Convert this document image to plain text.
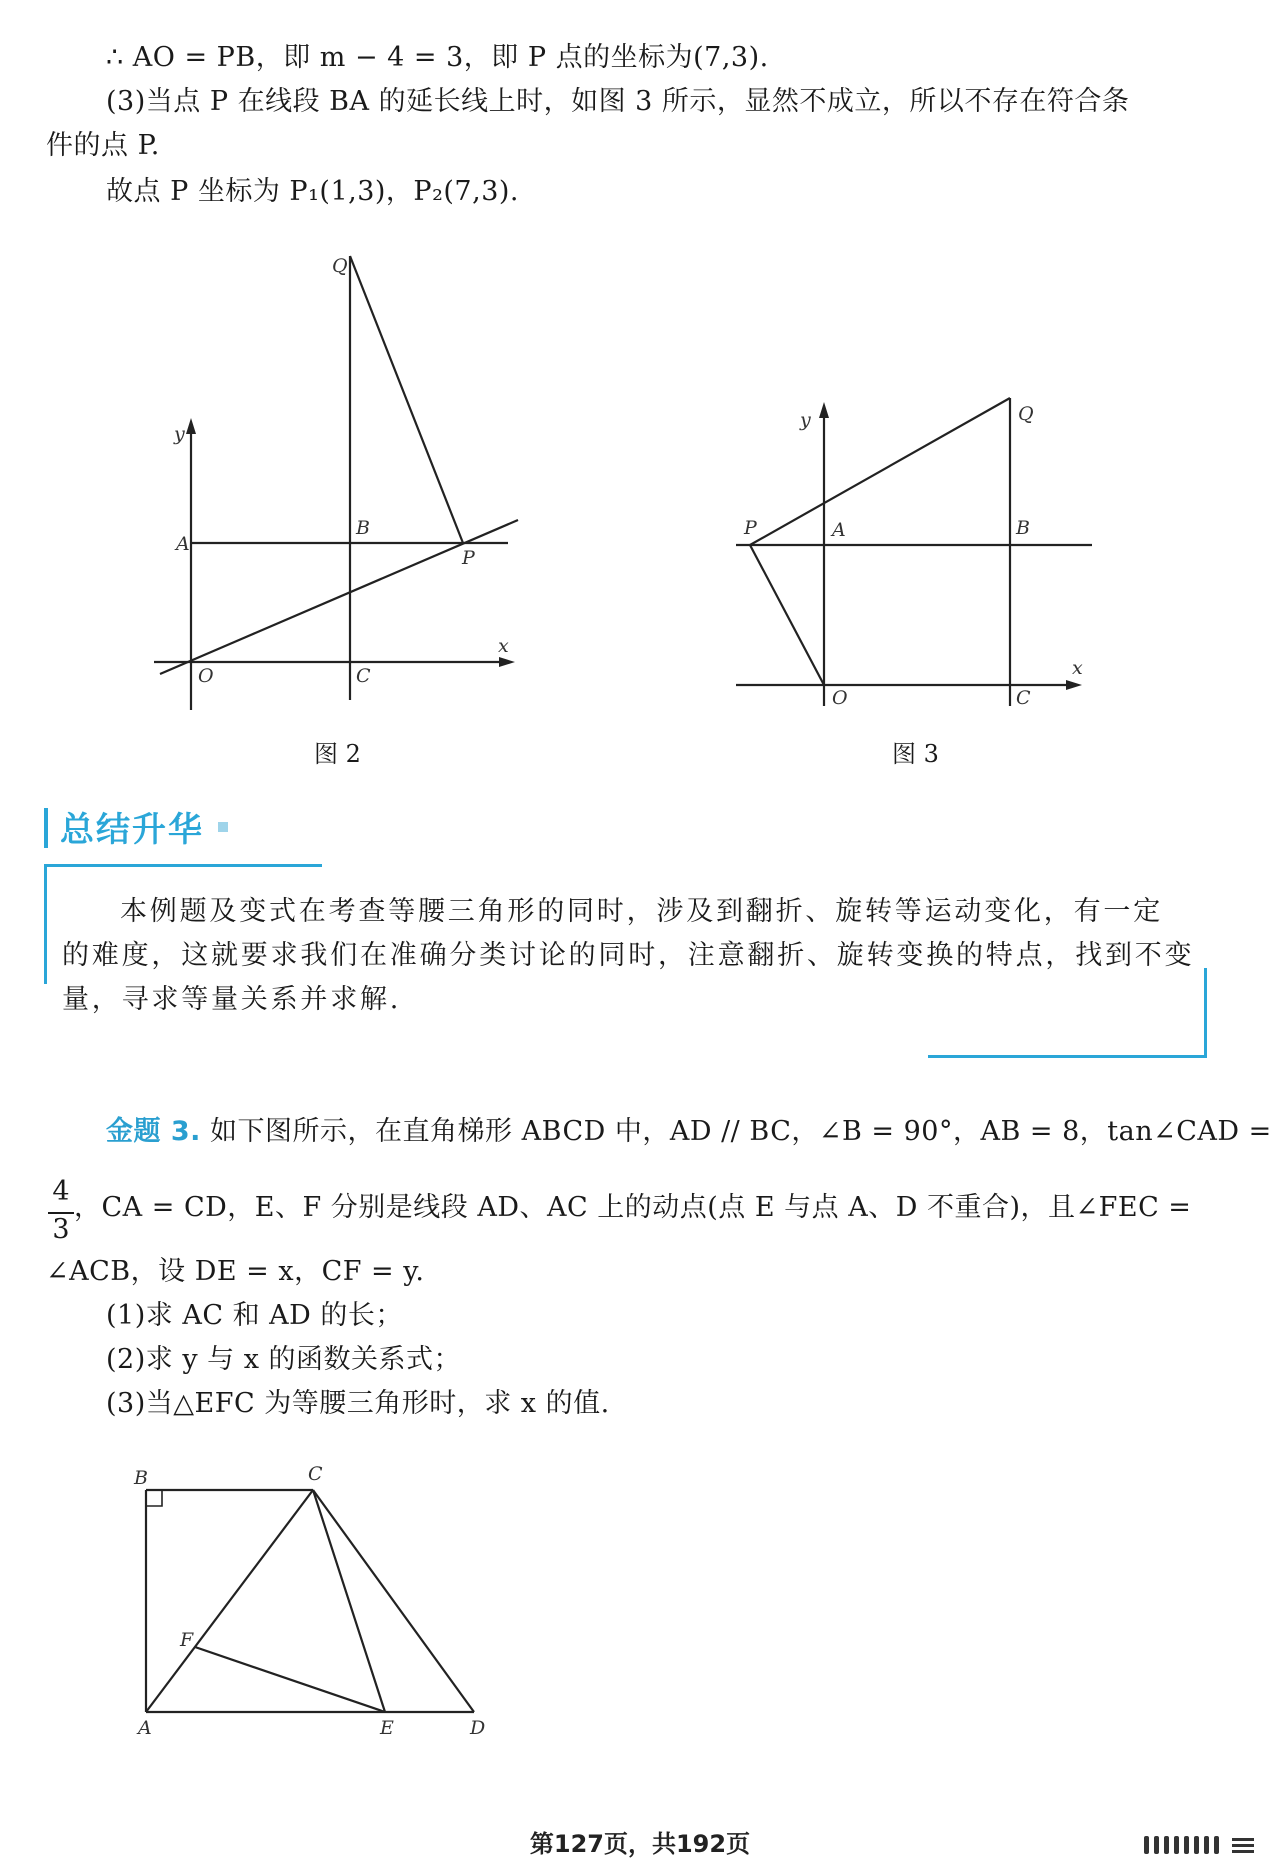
∴ AO = PB，即 m − 4 = 3，即 P 点的坐标为(7,3).
(3)当点 P 在线段 BA 的延长线上时，如图 3 所示，显然不成立，所以不存在符合条
件的点 P.
故点 P 坐标为 P₁(1,3)，P₂(7,3).
Q
y
A
B
P
O	C
x
图 2
y	Q
P	A	B
O	C
x
图 3
总结升华
本例题及变式在考查等腰三角形的同时，涉及到翻折、旋转等运动变化，有一定
的难度，这就要求我们在准确分类讨论的同时，注意翻折、旋转变换的特点，找到不变
量，寻求等量关系并求解.
金题 3. 如下图所示，在直角梯形 ABCD 中，AD // BC，∠B = 90°，AB = 8，tan∠CAD =
4
3
，CA = CD，E、F 分别是线段 AD、AC 上的动点(点 E 与点 A、D 不重合)，且∠FEC =
∠ACB，设 DE = x，CF = y.
(1)求 AC 和 AD 的长；
(2)求 y 与 x 的函数关系式；
(3)当△EFC 为等腰三角形时，求 x 的值.
B	C
F
A	E	D
第127页，共192页
